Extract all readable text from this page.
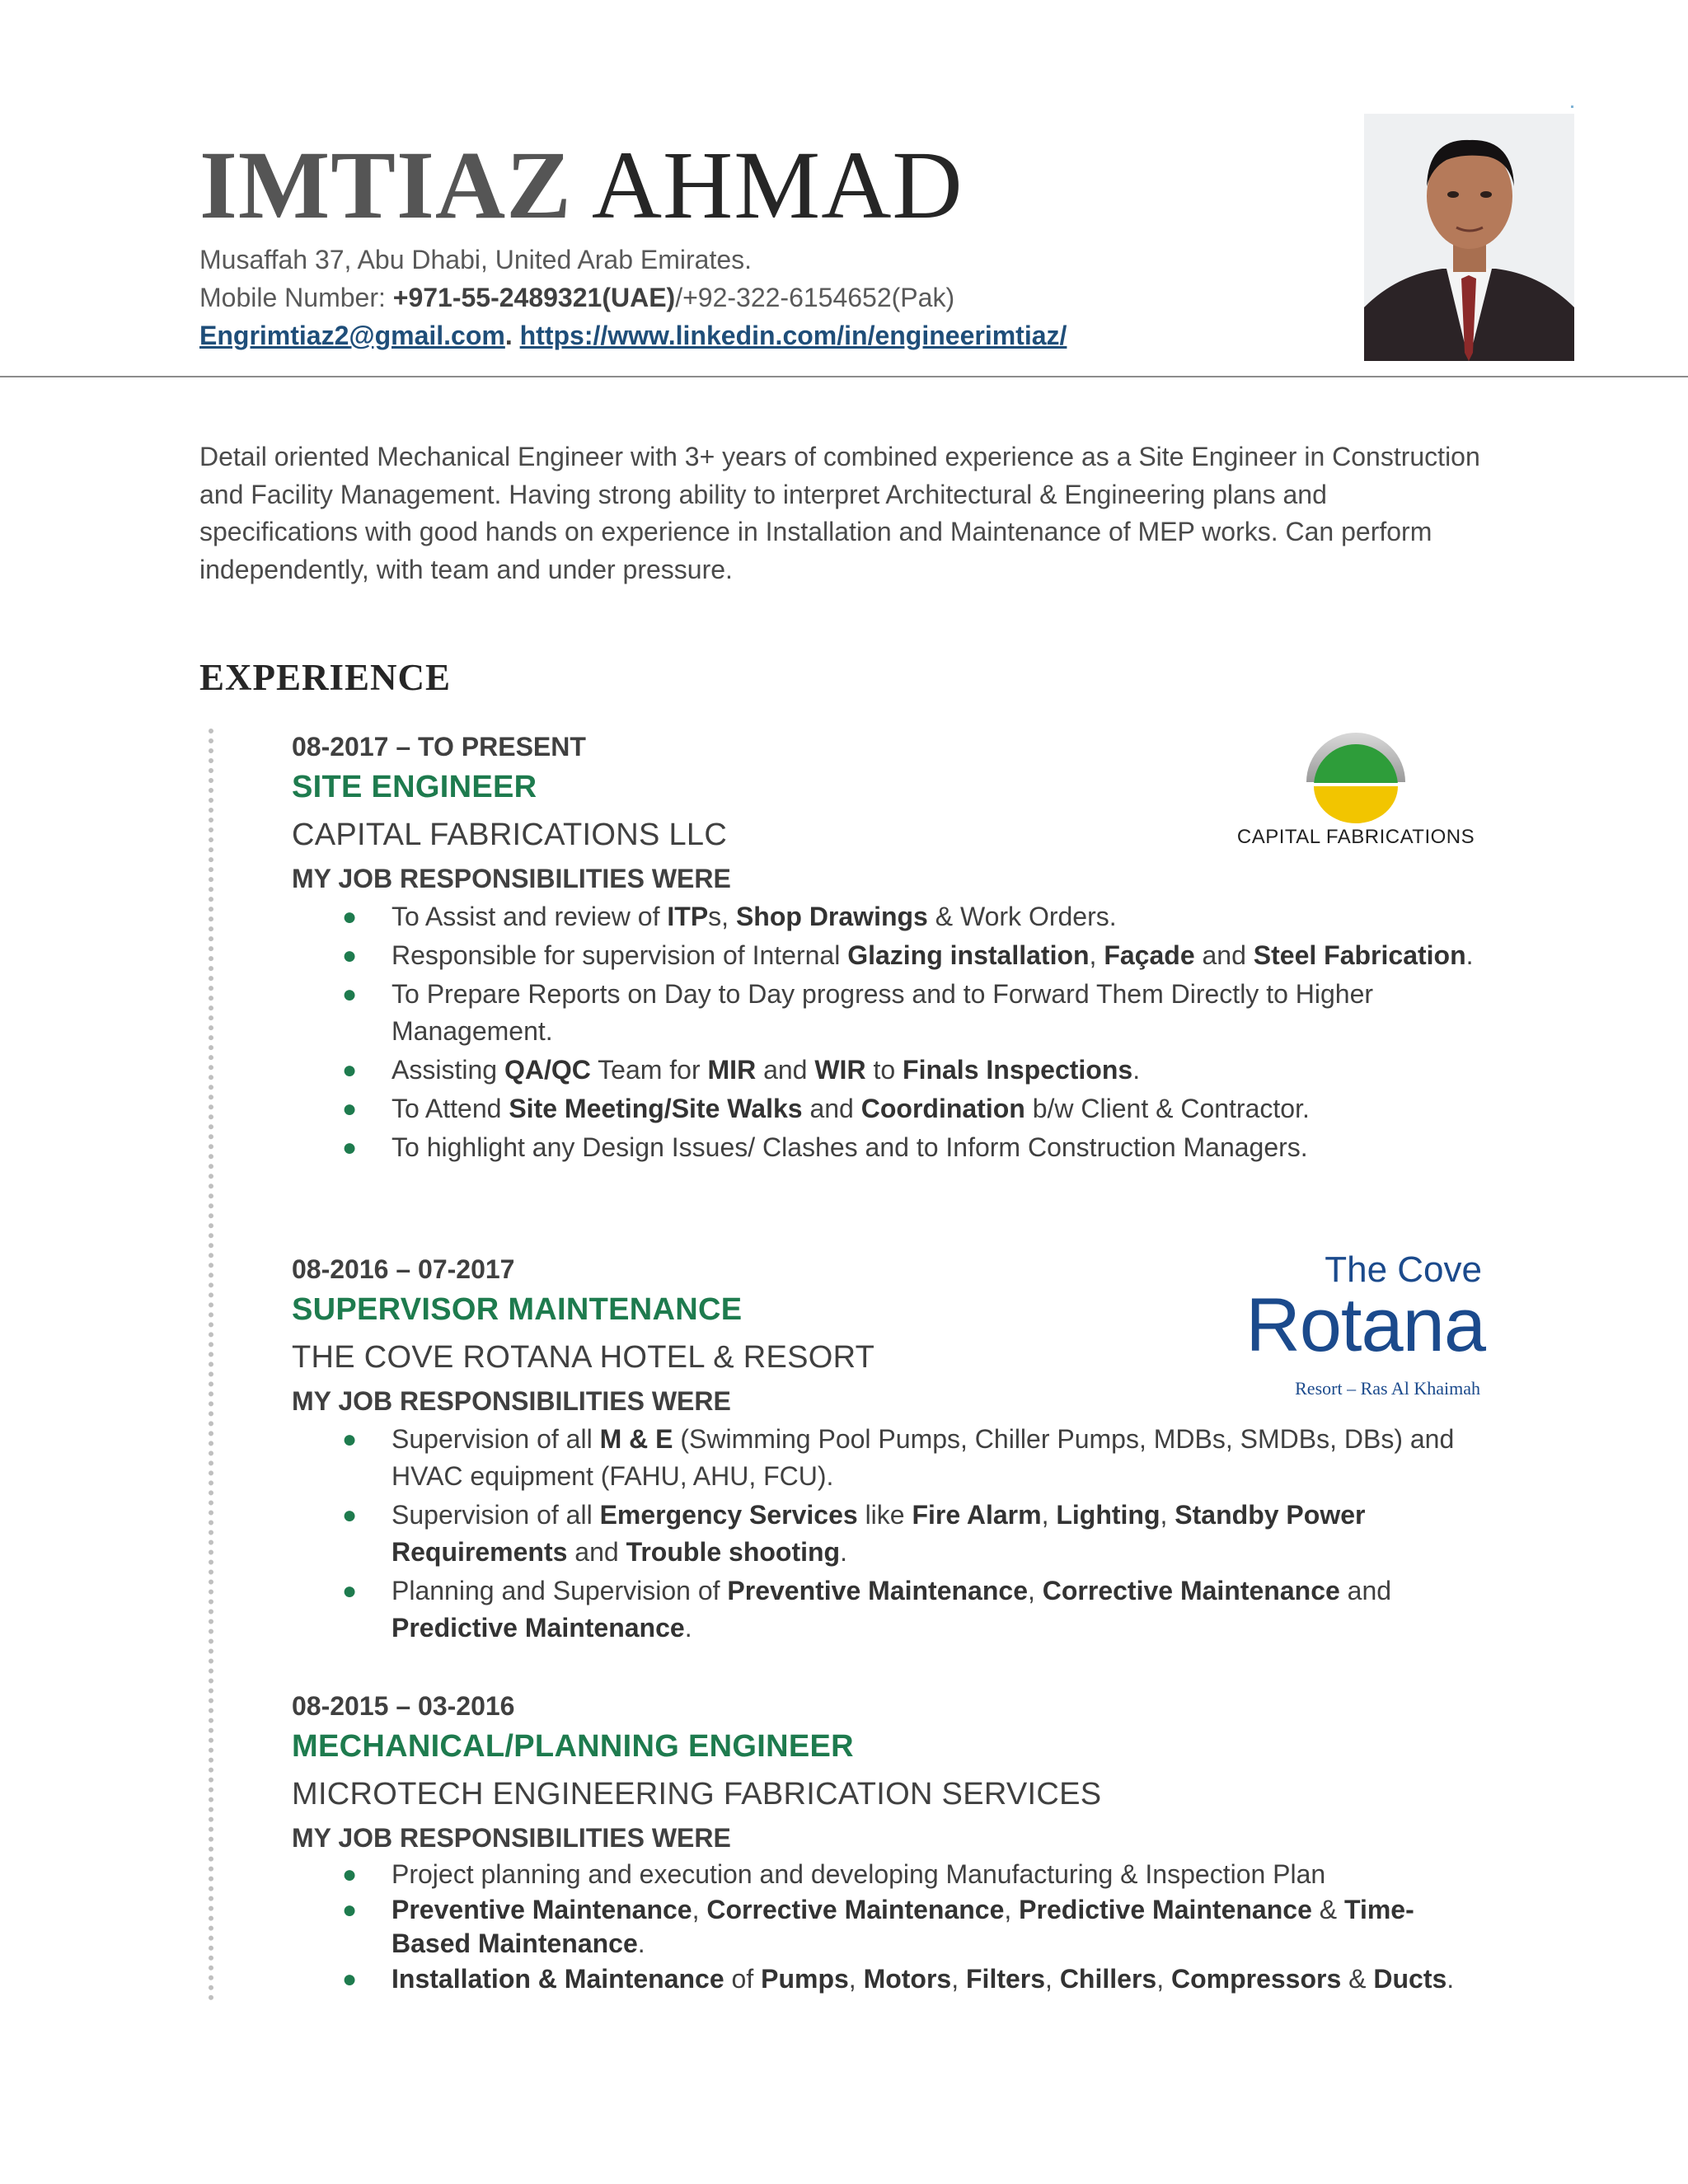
IMTIAZ AHMAD
Musaffah 37, Abu Dhabi, United Arab Emirates.
Mobile Number: +971-55-2489321(UAE)/+92-322-6154652(Pak)
Engrimtiaz2@gmail.com. https://www.linkedin.com/in/engineerimtiaz/
Detail oriented Mechanical Engineer with 3+ years of combined experience as a Site Engineer in Construction and Facility Management. Having strong ability to interpret Architectural & Engineering plans and specifications with good hands on experience in Installation and Maintenance of MEP works. Can perform independently, with team and under pressure.
EXPERIENCE
CAPITAL FABRICATIONS
The Cove
Rotana
Resort – Ras Al Khaimah
08-2017 – TO PRESENT
SITE ENGINEER
CAPITAL FABRICATIONS LLC
MY JOB RESPONSIBILITIES WERE
● To Assist and review of ITPs, Shop Drawings & Work Orders.
● Responsible for supervision of Internal Glazing installation, Façade and Steel Fabrication.
● To Prepare Reports on Day to Day progress and to Forward Them Directly to Higher Management.
● Assisting QA/QC Team for MIR and WIR to Finals Inspections.
● To Attend Site Meeting/Site Walks and Coordination b/w Client & Contractor.
● To highlight any Design Issues/ Clashes and to Inform Construction Managers.
08-2016 – 07-2017
SUPERVISOR MAINTENANCE
THE COVE ROTANA HOTEL & RESORT
MY JOB RESPONSIBILITIES WERE
● Supervision of all M & E (Swimming Pool Pumps, Chiller Pumps, MDBs, SMDBs, DBs) and HVAC equipment (FAHU, AHU, FCU).
● Supervision of all Emergency Services like Fire Alarm, Lighting, Standby Power Requirements and Trouble shooting.
● Planning and Supervision of Preventive Maintenance, Corrective Maintenance and Predictive Maintenance.
08-2015 – 03-2016
MECHANICAL/PLANNING ENGINEER
MICROTECH ENGINEERING FABRICATION SERVICES
MY JOB RESPONSIBILITIES WERE
● Project planning and execution and developing Manufacturing & Inspection Plan
● Preventive Maintenance, Corrective Maintenance, Predictive Maintenance & Time-Based Maintenance.
● Installation & Maintenance of Pumps, Motors, Filters, Chillers, Compressors & Ducts.
